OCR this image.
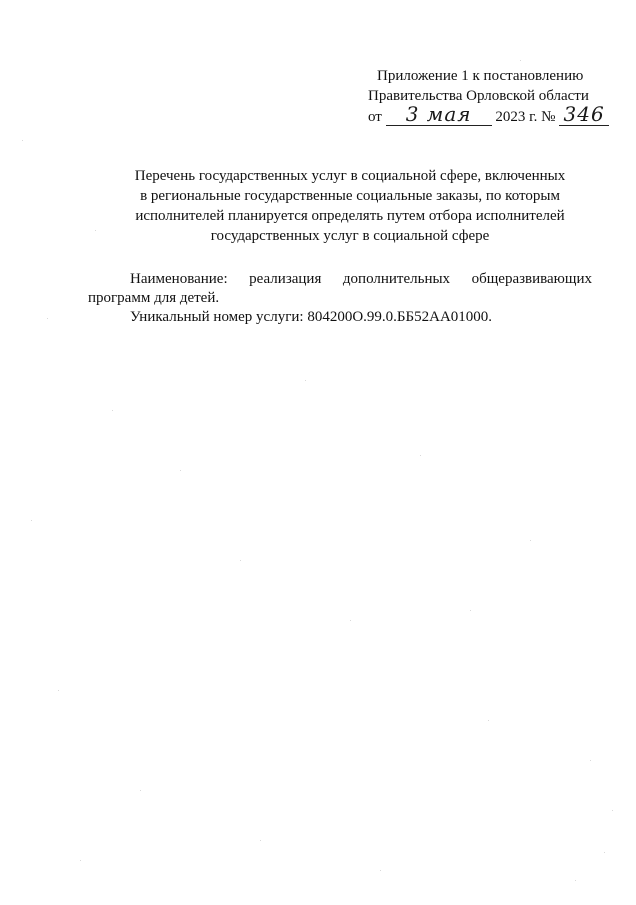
Приложение 1 к постановлению
Правительства Орловской области
от 3 мая 2023 г. № 346
Перечень государственных услуг в социальной сфере, включенных
в региональные государственные социальные заказы, по которым
исполнителей планируется определять путем отбора исполнителей
государственных услуг в социальной сфере
Наименование: реализация дополнительных общеразвивающих
программ для детей.

Уникальный номер услуги: 804200О.99.0.ББ52АА01000.
